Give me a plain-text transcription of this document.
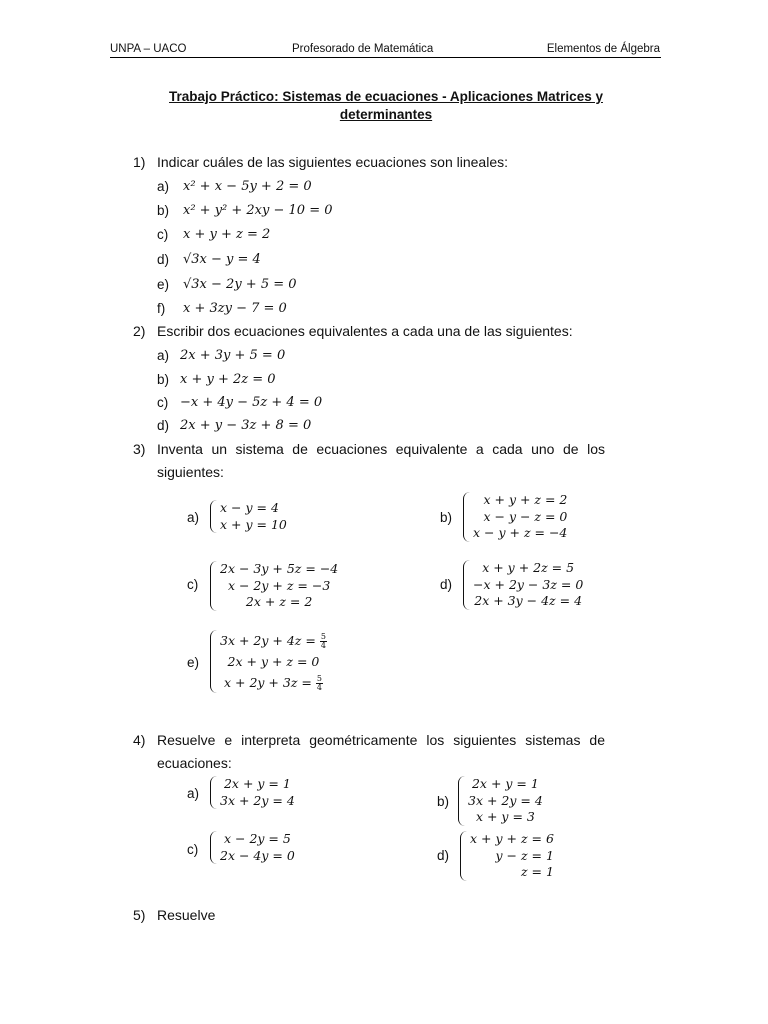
UNPA – UACO	Profesorado de Matemática	Elementos de Álgebra
Trabajo Práctico: Sistemas de ecuaciones - Aplicaciones Matrices y
determinantes
1) Indicar cuáles de las siguientes ecuaciones son lineales:
a) x² + x − 5y + 2 = 0
b) x² + y² + 2xy − 10 = 0
c) x + y + z = 2
d) √3x − y = 4
e) √3x − 2y + 5 = 0
f) x + 3zy − 7 = 0
2) Escribir dos ecuaciones equivalentes a cada una de las siguientes:
a) 2x + 3y + 5 = 0
b) x + y + 2z = 0
c) −x + 4y − 5z + 4 = 0
d) 2x + y − 3z + 8 = 0
3) Inventa un sistema de ecuaciones equivalente a cada uno de los
siguientes:
a)
x − y = 4
x + y = 10	b)
x + y + z = 2
x − y − z = 0
x − y + z = −4
c)
2x − 3y + 5z = −4
x − 2y + z = −3
2x + z = 2
d)
x + y + 2z = 5
−x + 2y − 3z = 0
2x + 3y − 4z = 4
e)
$3x + 2y + 4z = \frac{5}{4}$
2x + y + z = 0
$x + 2y + 3z = \frac{5}{4}$
4) Resuelve e interpreta geométricamente los siguientes sistemas de
ecuaciones:
a)
2x + y = 1
3x + 2y = 4	b)
2x + y = 1
3x + 2y = 4
x + y = 3
c)
x − 2y = 5
2x − 4y = 0	d)
x + y + z = 6
y − z = 1
z = 1
5) Resuelve
